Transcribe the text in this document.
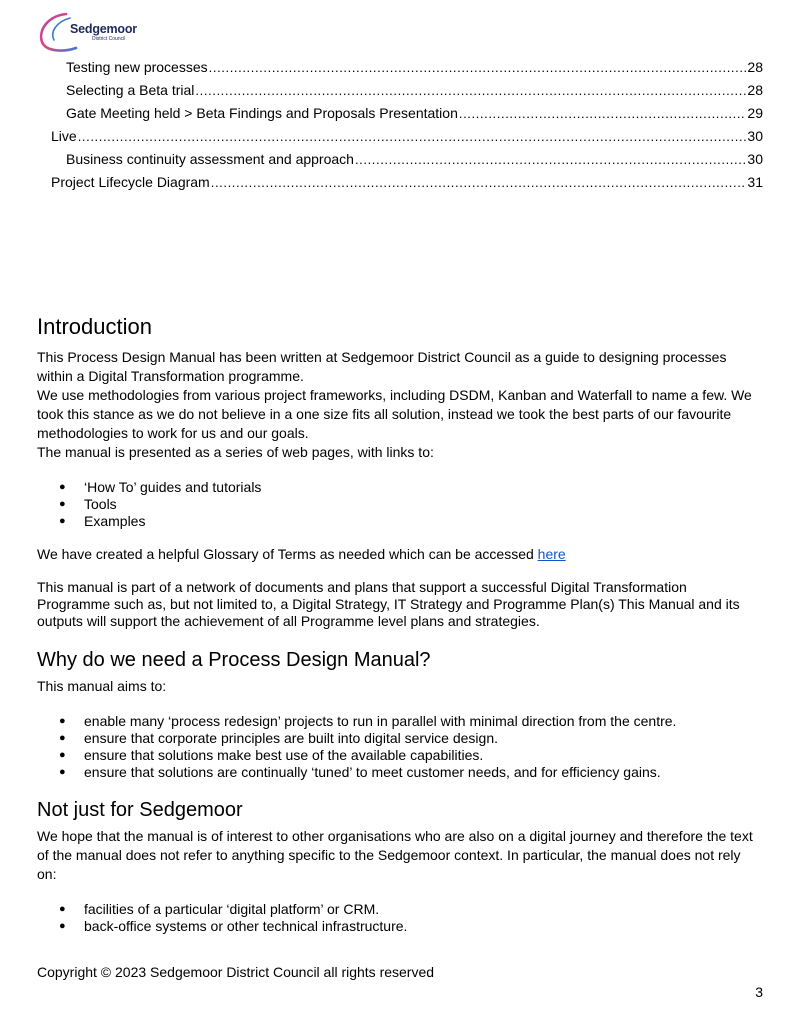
Sedgemoor
District Council
Testing new processes .....	28
Selecting a Beta trial .....	28
Gate Meeting held > Beta Findings and Proposals Presentation .....	29
Live .....	30
Business continuity assessment and approach .....	30
Project Lifecycle Diagram .....	31
Introduction

This Process Design Manual has been written at Sedgemoor District Council as a guide to designing processes within a Digital Transformation programme.

We use methodologies from various project frameworks, including DSDM, Kanban and Waterfall to name a few. We took this stance as we do not believe in a one size fits all solution, instead we took the best parts of our favourite methodologies to work for us and our goals.

The manual is presented as a series of web pages, with links to:

● ‘How To’ guides and tutorials
● Tools
● Examples

We have created a helpful Glossary of Terms as needed which can be accessed here

This manual is part of a network of documents and plans that support a successful Digital Transformation Programme such as, but not limited to, a Digital Strategy, IT Strategy and Programme Plan(s) This Manual and its outputs will support the achievement of all Programme level plans and strategies.

Why do we need a Process Design Manual?

This manual aims to:

● enable many ‘process redesign’ projects to run in parallel with minimal direction from the centre.
● ensure that corporate principles are built into digital service design.
● ensure that solutions make best use of the available capabilities.
● ensure that solutions are continually ‘tuned’ to meet customer needs, and for efficiency gains.
Not just for Sedgemoor

We hope that the manual is of interest to other organisations who are also on a digital journey and therefore the text of the manual does not refer to anything specific to the Sedgemoor context. In particular, the manual does not rely on:

● facilities of a particular ‘digital platform’ or CRM.
● back-office systems or other technical infrastructure.
Copyright © 2023 Sedgemoor District Council all rights reserved
3
